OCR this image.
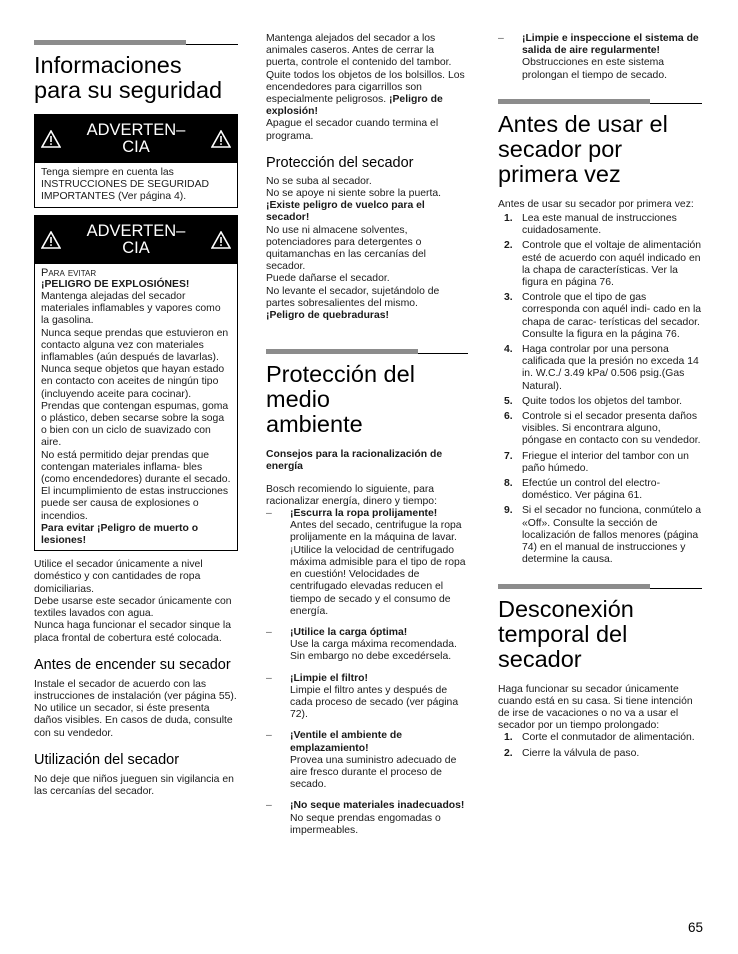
Informaciones para su seguridad
ADVERTEN– CIA

Tenga siempre en cuenta las INSTRUCCIONES DE SEGURIDAD IMPORTANTES (Ver página 4).

ADVERTEN– CIA

Para evitar

¡PELIGRO DE EXPLOSIÓNES!

Mantenga alejadas del secador materiales inflamables y vapores como la gasolina.

Nunca seque prendas que estuvieron en contacto alguna vez con materiales inflamables (aún después de lavarlas).

Nunca seque objetos que hayan estado en contacto con aceites de ningún tipo (incluyendo aceite para cocinar).

Prendas que contengan espumas, goma o plástico, deben secarse sobre la soga o bien con un ciclo de suavizado con aire.

No está permitido dejar prendas que contengan materiales inflama- bles (como encendedores) durante el secado.

El incumplimiento de estas instrucciones puede ser causa de explosiones o incendios.

Para evitar ¡Peligro de muerto o lesiones!

Utilice el secador únicamente a nivel doméstico y con cantidades de ropa domiciliarias.

Debe usarse este secador únicamente con textiles lavados con agua.

Nunca haga funcionar el secador sinque la placa frontal de cobertura esté colocada.

Antes de encender su secador

Instale el secador de acuerdo con las instrucciones de instalación (ver página 55).

No utilice un secador, si éste presenta daños visibles. En casos de duda, consulte con su vendedor.

Utilización del secador

No deje que niños jueguen sin vigilancia en las cercanías del secador.

Mantenga alejados del secador a los animales caseros. Antes de cerrar la puerta, controle el contenido del tambor.

Quite todos los objetos de los bolsillos. Los encendedores para cigarrillos son especialmente peligrosos. ¡Peligro de explosión!

Apague el secador cuando termina el programa.

Protección del secador

No se suba al secador.

No se apoye ni siente sobre la puerta.

¡Existe peligro de vuelco para el secador!

No use ni almacene solventes, potenciadores para detergentes o quitamanchas en las cercanías del secador.

Puede dañarse el secador.

No levante el secador, sujetándolo de partes sobresalientes del mismo.

¡Peligro de quebraduras!

Protección del medio ambiente

Consejos para la racionalización de energía

Bosch recomiendo lo siguiente, para racionalizar energía, dinero y tiempo:

– ¡Escurra la ropa prolijamente!
Antes del secado, centrifugue la ropa prolijamente en la máquina de lavar. ¡Utilice la velocidad de centrifugado máxima admisible para el tipo de ropa en cuestión! Velocidades de centrifugado elevadas reducen el tiempo de secado y el consumo de energía.
– ¡Utilice la carga óptima!
Use la carga máxima recomendada. Sin embargo no debe excedérsela.
– ¡Limpie el filtro!
Limpie el filtro antes y después de cada proceso de secado (ver página 72).
– ¡Ventile el ambiente de emplazamiento!
Provea una suministro adecuado de aire fresco durante el proceso de secado.
– ¡No seque materiales inadecuados!
No seque prendas engomadas o impermeables.
– ¡Limpie e inspeccione el sistema de salida de aire regularmente!
Obstrucciones en este sistema prolongan el tiempo de secado.
Antes de usar el secador por primera vez

Antes de usar su secador por primera vez:

1. Lea este manual de instrucciones cuidadosamente.
2. Controle que el voltaje de alimentación esté de acuerdo con aquél indicado en la chapa de características. Ver la figura en página 76.
3. Controle que el tipo de gas corresponda con aquél indi- cado en la chapa de carac- terísticas del secador. Consulte la figura en la página 76.
4. Haga controlar por una persona calificada que la presión no exceda 14 in. W.C./ 3.49 kPa/ 0.506 psig.(Gas Natural).
5. Quite todos los objetos del tambor.
6. Controle si el secador presenta daños visibles. Si encontrara alguno, póngase en contacto con su vendedor.
7. Friegue el interior del tambor con un paño húmedo.
8. Efectúe un control del electro- doméstico. Ver página 61.
9. Si el secador no funciona, conmútelo a «Off». Consulte la sección de localización de fallos menores (página 74) en el manual de instrucciones y determine la causa.
Desconexión temporal del secador

Haga funcionar su secador únicamente cuando está en su casa. Si tiene intención de irse de vacaciones o no va a usar el secador por un tiempo prolongado:

1. Corte el conmutador de alimentación.
2. Cierre la válvula de paso.
65
